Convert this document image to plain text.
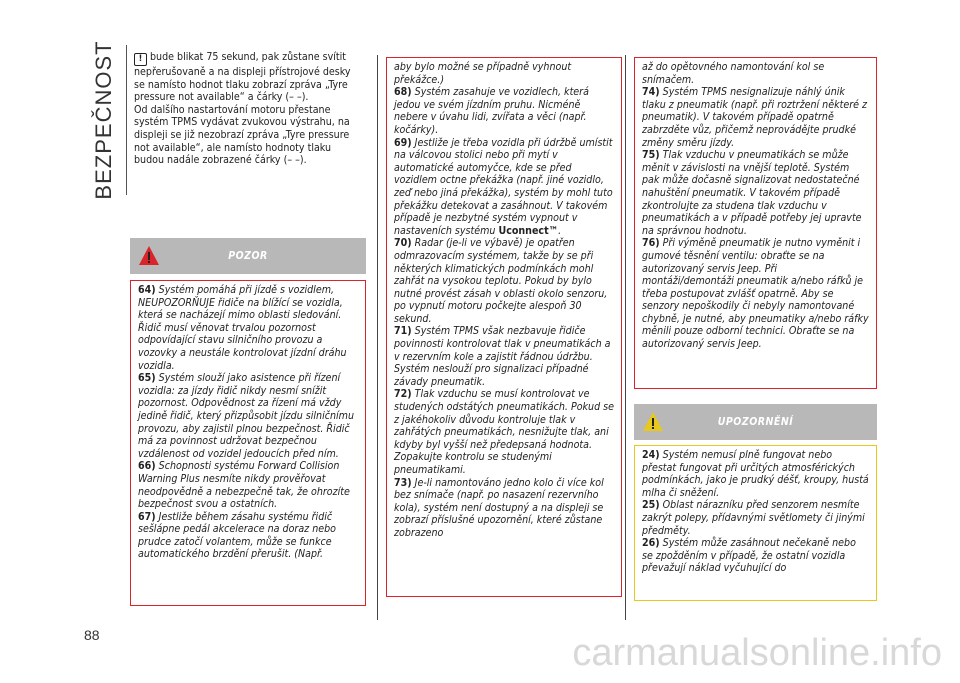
BEZPEČNOST
88

! bude blikat 75 sekund, pak zůstane svítit nepřerušovaně a na displeji přístrojové desky se namísto hodnot tlaku zobrazí zpráva „Tyre pressure not available“ a čárky (– –).

Od dalšího nastartování motoru přestane systém TPMS vydávat zvukovou výstrahu, na displeji se již nezobrazí zpráva „Tyre pressure not available“, ale namísto hodnoty tlaku budou nadále zobrazené čárky (– –).

POZOR

64) Systém pomáhá při jízdě s vozidlem, NEUPOZORŇUJE řidiče na blížící se vozidla, která se nacházejí mimo oblasti sledování. Řidič musí věnovat trvalou pozornost odpovídající stavu silničního provozu a vozovky a neustále kontrolovat jízdní dráhu vozidla.

65) Systém slouží jako asistence při řízení vozidla: za jízdy řidič nikdy nesmí snížit pozornost. Odpovědnost za řízení má vždy jedině řidič, který přizpůsobit jízdu silničnímu provozu, aby zajistil plnou bezpečnost. Řidič má za povinnost udržovat bezpečnou vzdálenost od vozidel jedoucích před ním.

66) Schopnosti systému Forward Collision Warning Plus nesmíte nikdy prověřovat neodpovědně a nebezpečně tak, že ohrozíte bezpečnost svou a ostatních.

67) Jestliže během zásahu systému řidič sešlápne pedál akcelerace na doraz nebo prudce zatočí volantem, může se funkce automatického brzdění přerušit. (Např.

aby bylo možné se případně vyhnout překážce.)

68) Systém zasahuje ve vozidlech, která jedou ve svém jízdním pruhu. Nicméně nebere v úvahu lidi, zvířata a věci (např. kočárky).

69) Jestliže je třeba vozidla při údržbě umístit na válcovou stolici nebo při mytí v automatické automyčce, kde se před vozidlem octne překážka (např. jiné vozidlo, zeď nebo jiná překážka), systém by mohl tuto překážku detekovat a zasáhnout. V takovém případě je nezbytné systém vypnout v nastaveních systému Uconnect™.

70) Radar (je-li ve výbavě) je opatřen odmrazovacím systémem, takže by se při některých klimatických podmínkách mohl zahřát na vysokou teplotu. Pokud by bylo nutné provést zásah v oblasti okolo senzoru, po vypnutí motoru počkejte alespoň 30 sekund.

71) Systém TPMS však nezbavuje řidiče povinnosti kontrolovat tlak v pneumatikách a v rezervním kole a zajistit řádnou údržbu. Systém neslouží pro signalizaci případné závady pneumatik.

72) Tlak vzduchu se musí kontrolovat ve studených odstátých pneumatikách. Pokud se z jakéhokoliv důvodu kontroluje tlak v zahřátých pneumatikách, nesnižujte tlak, ani kdyby byl vyšší než předepsaná hodnota. Zopakujte kontrolu se studenými pneumatikami.

73) Je-li namontováno jedno kolo či více kol bez snímače (např. po nasazení rezervního kola), systém není dostupný a na displeji se zobrazí příslušné upozornění, které zůstane zobrazeno

až do opětovného namontování kol se snímačem.

74) Systém TPMS nesignalizuje náhlý únik tlaku z pneumatik (např. při roztržení některé z pneumatik). V takovém případě opatrně zabrzděte vůz, přičemž neprovádějte prudké změny směru jízdy.

75) Tlak vzduchu v pneumatikách se může měnit v závislosti na vnější teplotě. Systém pak může dočasně signalizovat nedostatečné nahuštění pneumatik. V takovém případě zkontrolujte za studena tlak vzduchu v pneumatikách a v případě potřeby jej upravte na správnou hodnotu.

76) Při výměně pneumatik je nutno vyměnit i gumové těsnění ventilu: obraťte se na autorizovaný servis Jeep. Při montáži/demontáži pneumatik a/nebo ráfků je třeba postupovat zvlášť opatrně. Aby se senzory nepoškodily či nebyly namontované chybně, je nutné, aby pneumatiky a/nebo ráfky měnili pouze odborní technici. Obraťte se na autorizovaný servis Jeep.

UPOZORNĚNÍ

24) Systém nemusí plně fungovat nebo přestat fungovat při určitých atmosférických podmínkách, jako je prudký déšť, kroupy, hustá mlha či sněžení.

25) Oblast nárazníku před senzorem nesmíte zakrýt polepy, přídavnými světlomety či jinými předměty.

26) Systém může zasáhnout nečekaně nebo se zpožděním v případě, že ostatní vozidla převažují náklad vyčuhující do

carmanualsonline.info
